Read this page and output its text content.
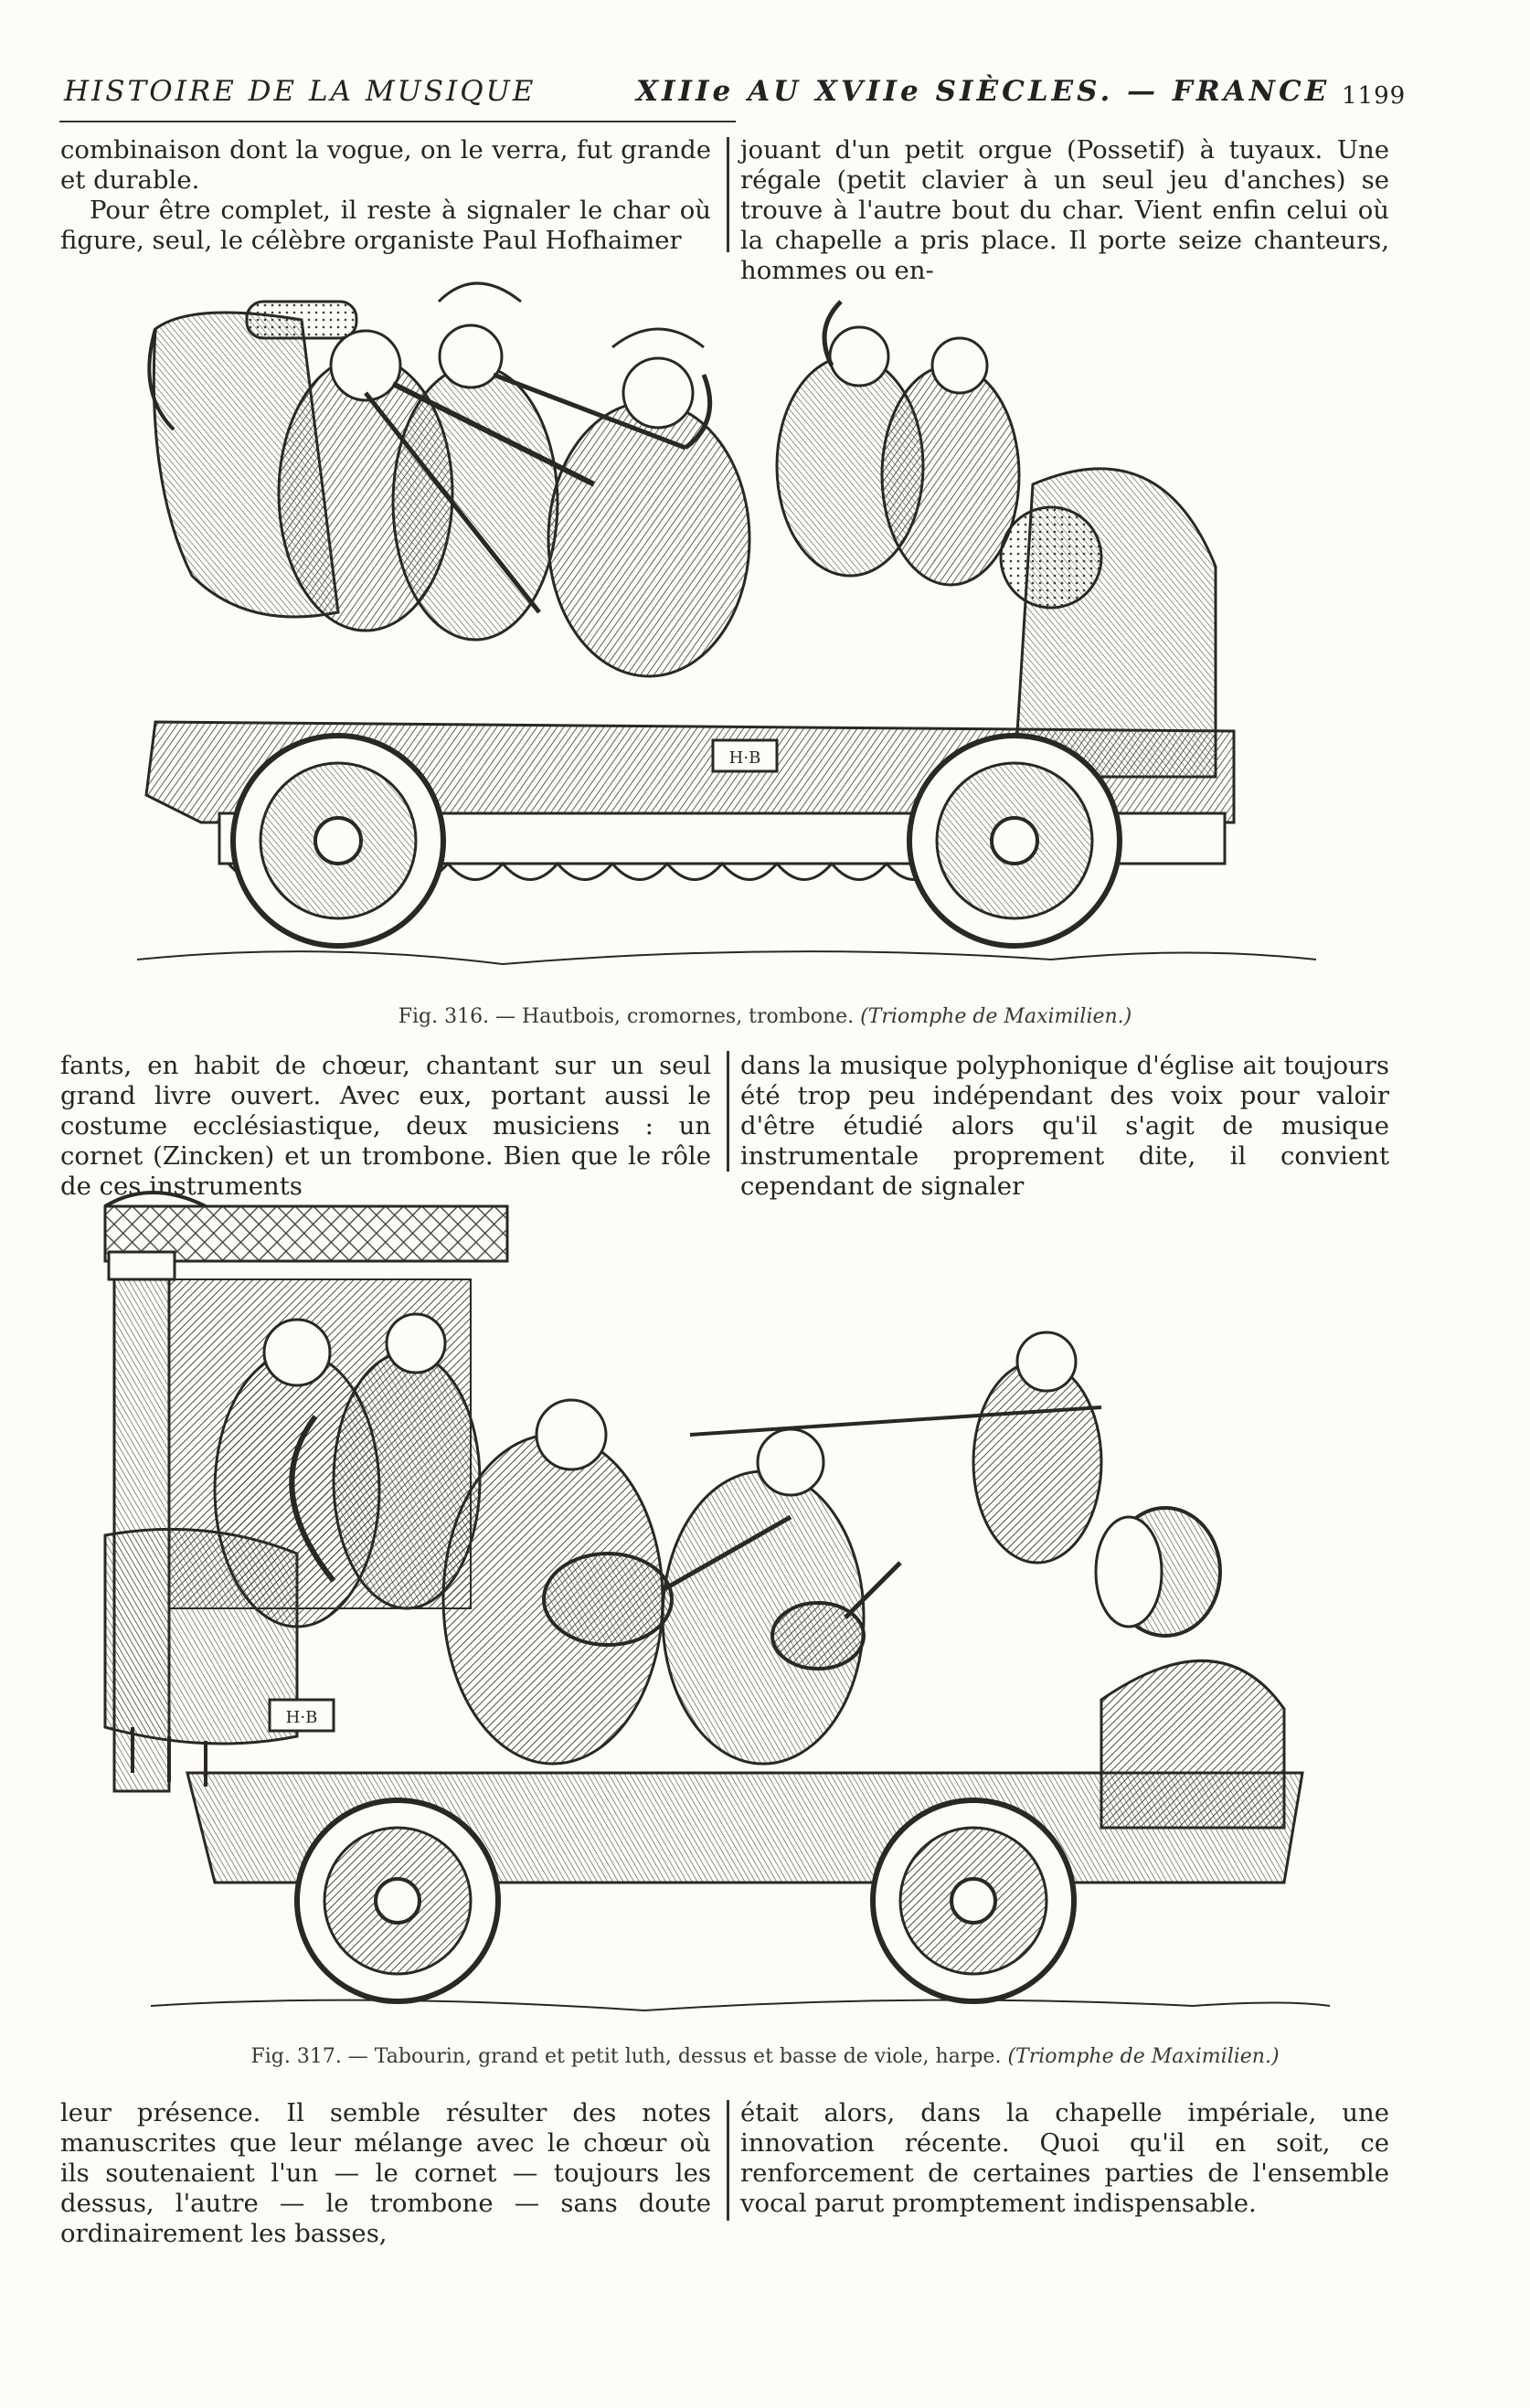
HISTOIRE DE LA MUSIQUE	XIIIe AU XVIIe SIÈCLES. — FRANCE 1199

combinaison dont la vogue, on le verra, fut grande et durable.

Pour être complet, il reste à signaler le char où figure, seul, le célèbre organiste Paul Hofhaimer

jouant d'un petit orgue (Possetif) à tuyaux. Une régale (petit clavier à un seul jeu d'anches) se trouve à l'autre bout du char. Vient enfin celui où la chapelle a pris place. Il porte seize chanteurs, hommes ou en-

H·B
Fig. 316. — Hautbois, cromornes, trombone. (Triomphe de Maximilien.)

fants, en habit de chœur, chantant sur un seul grand livre ouvert. Avec eux, portant aussi le costume ecclésiastique, deux musiciens : un cornet (Zincken) et un trombone. Bien que le rôle de ces instruments

dans la musique polyphonique d'église ait toujours été trop peu indépendant des voix pour valoir d'être étudié alors qu'il s'agit de musique instrumentale proprement dite, il convient cependant de signaler

H·B
Fig. 317. — Tabourin, grand et petit luth, dessus et basse de viole, harpe. (Triomphe de Maximilien.)

leur présence. Il semble résulter des notes manuscrites que leur mélange avec le chœur où ils soutenaient l'un — le cornet — toujours les dessus, l'autre — le trombone — sans doute ordinairement les basses,

était alors, dans la chapelle impériale, une innovation récente. Quoi qu'il en soit, ce renforcement de certaines parties de l'ensemble vocal parut promptement indispensable.
